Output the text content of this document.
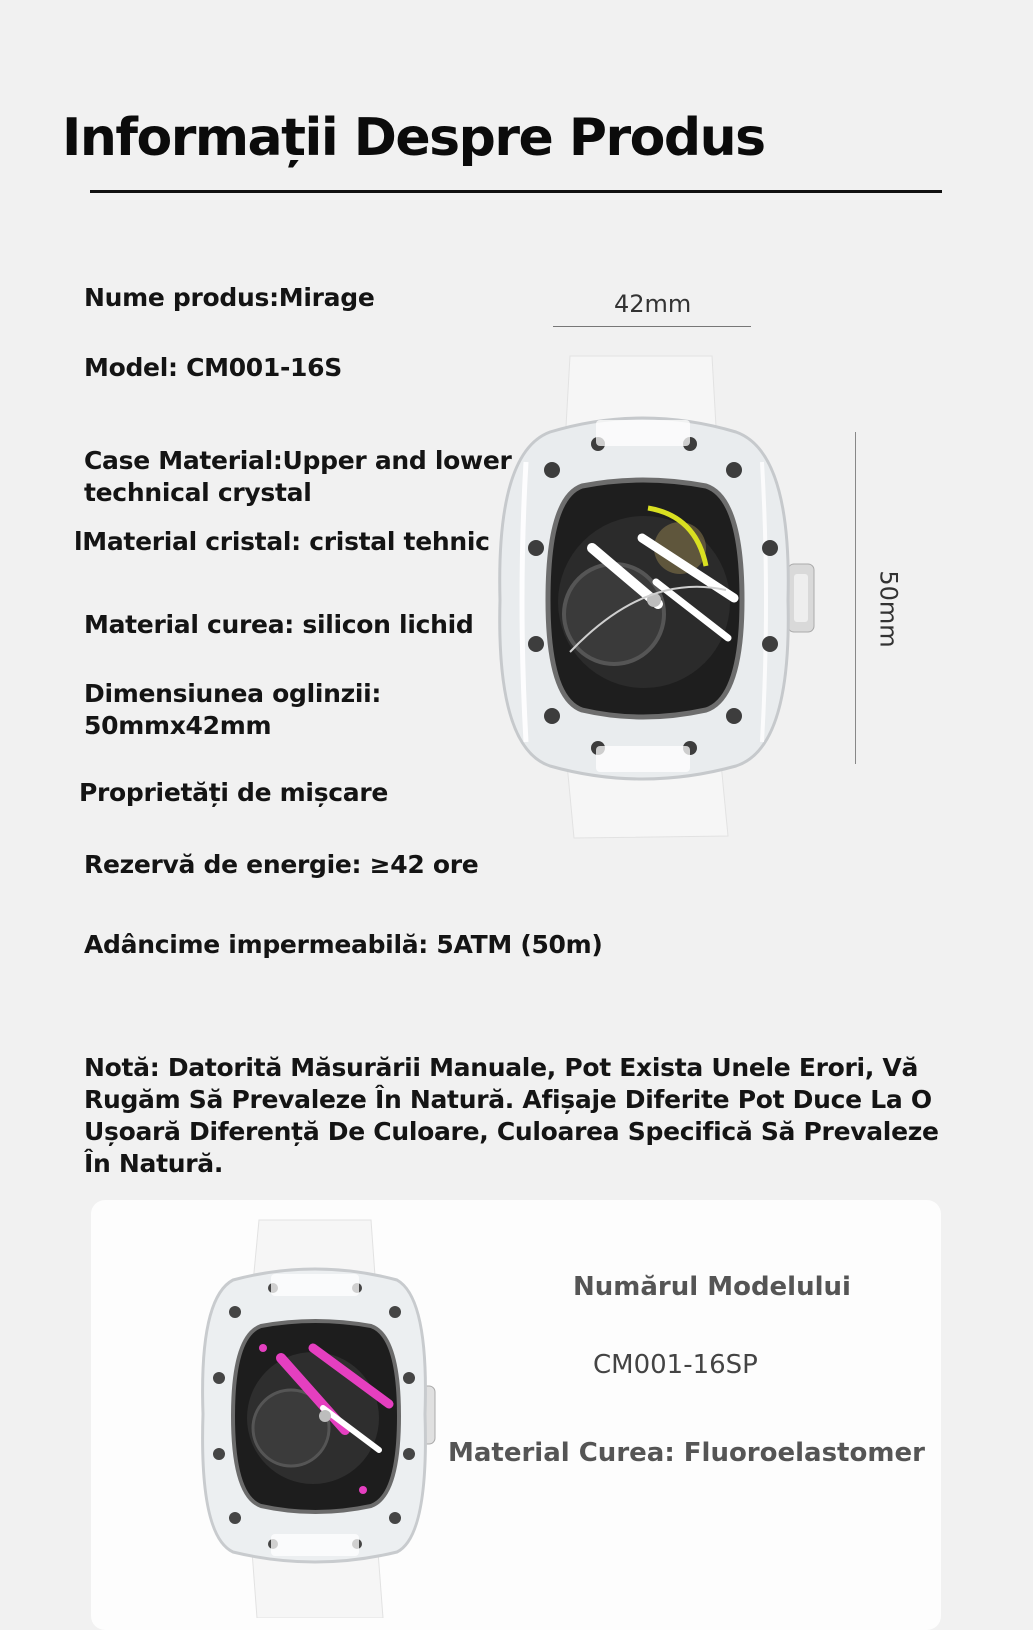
Informații Despre Produs

Nume produs:Mirage

Model: CM001-16S

Case Material:Upper and lower

technical crystal

lMaterial cristal: cristal tehnic

Material curea: silicon lichid

Dimensiunea oglinzii:

50mmx42mm

Proprietăți de mișcare

Rezervă de energie: ≥42 ore

Adâncime impermeabilă: 5ATM (50m)

42mm
50mm

Notă: Datorită Măsurării Manuale, Pot Exista Unele Erori, Vă Rugăm Să Prevaleze În Natură. Afișaje Diferite Pot Duce La O Ușoară Diferență De Culoare, Culoarea Specifică Să Prevaleze În Natură.

Numărul Modelului
CM001-16SP
Material Curea: Fluoroelastomer
